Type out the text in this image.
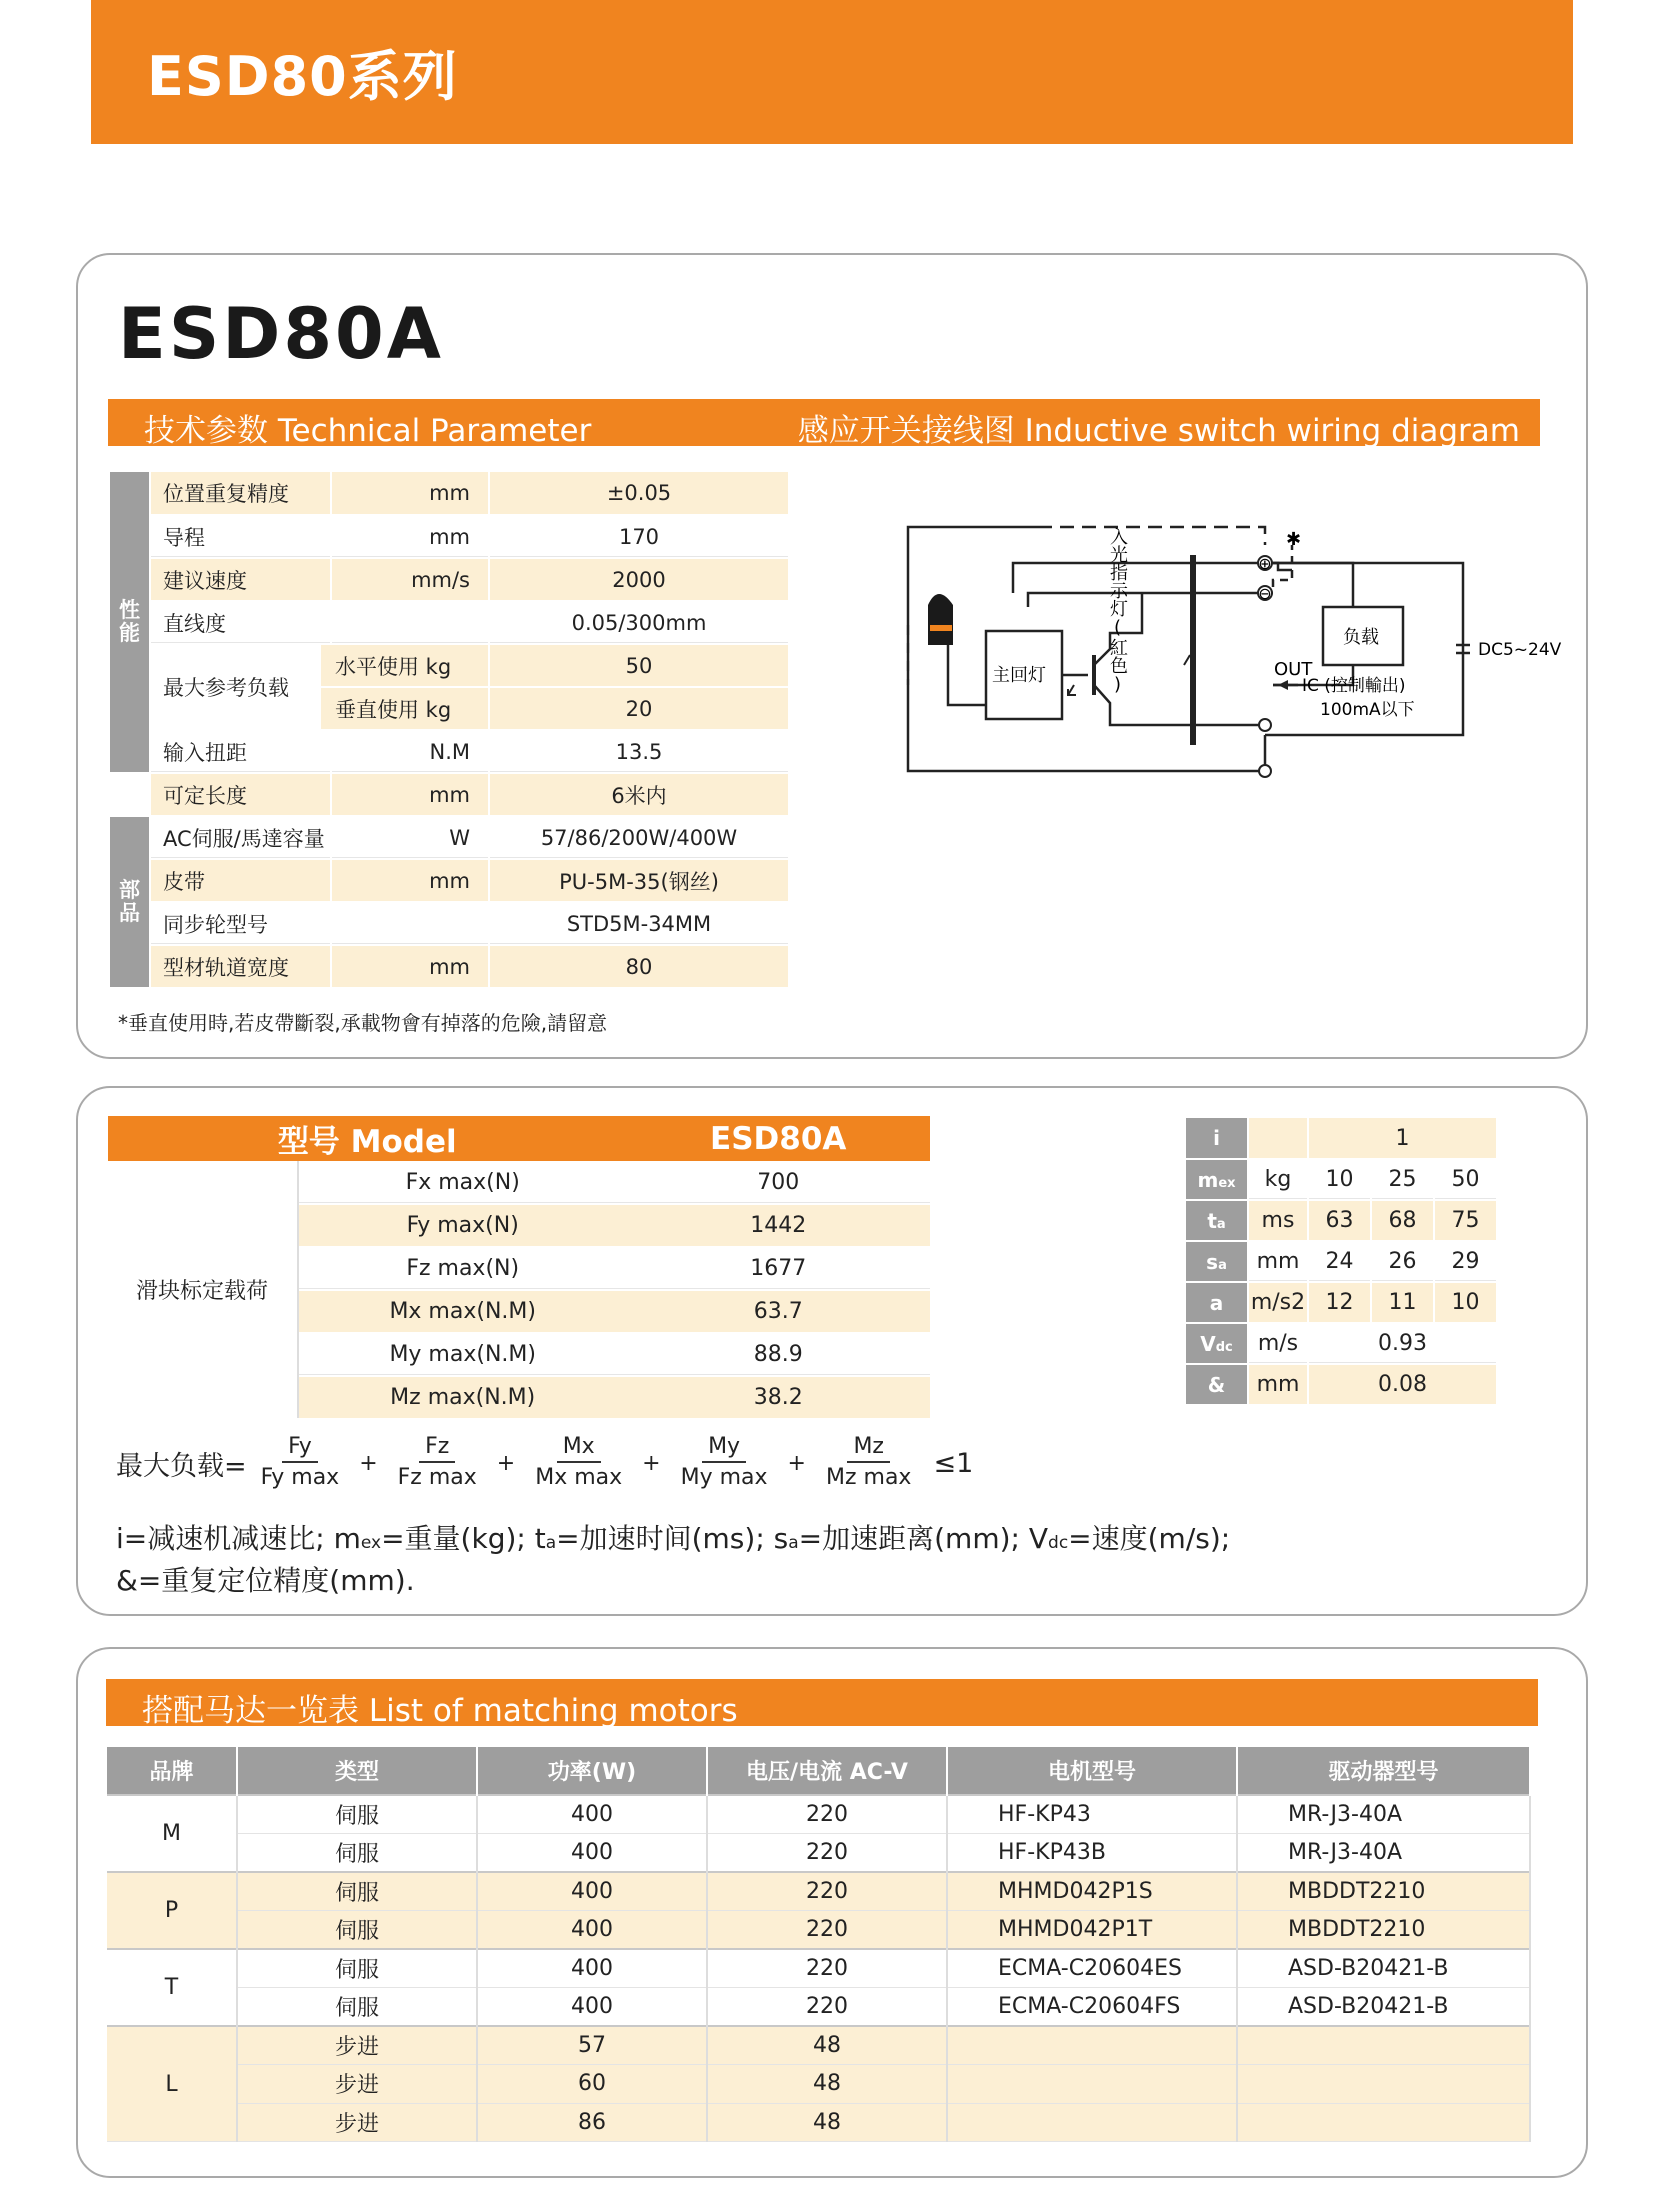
ESD80系列
ESD80A
技术参数 Technical Parameter	感应开关接线图 Inductive switch wiring diagram
性
能	位置重复精度		mm	±0.05
	导程		mm	170
	建议速度		mm/s	2000
	直线度			0.05/300mm
	最大参考负载	水平使用 kg		50
		垂直使用 kg		20
	输入扭距		N.M	13.5
	可定长度		mm	6米内
部
品	AC伺服/馬達容量		W	57/86/200W/400W
	皮带		mm	PU-5M-35(钢丝)
	同步轮型号			STD5M-34MM
	型材轨道宽度		mm	80
*垂直使用時,若皮帶斷裂,承載物會有掉落的危險,請留意
⊕
✱
⊖
入光指示灯(紅色)
主回灯
负载
OUT
IC (控制輸出)
100mA以下
DC5~24V
型号 Model		ESD80A
滑块标定载荷	Fx max(N)	700
	Fy max(N)	1442
	Fz max(N)	1677
	Mx max(N.M)	63.7
	My max(N.M)	88.9
	Mz max(N.M)	38.2
i		1		
mex	kg	10	25	50
ta	ms	63	68	75
sa	mm	24	26	29
a	m/s2	12	11	10
Vdc	m/s	0.93		
&	mm	0.08		
最大负载= $\frac{Fy}{\text{Fy max}} + \frac{Fz}{\text{Fz max}} + \frac{Mx}{\text{Mx max}} + \frac{My}{\text{My max}} + \frac{Mz}{\text{Mz max}} \le 1$
i=减速机减速比; mex=重量(kg); ta=加速时间(ms); sa=加速距离(mm); Vdc=速度(m/s);
&=重复定位精度(mm).
搭配马达一览表 List of matching motors
品牌	类型	功率(W)	电压/电流 AC-V	电机型号	驱动器型号
M	伺服	400	220	HF-KP43	MR-J3-40A
	伺服	400	220	HF-KP43B	MR-J3-40A
P	伺服	400	220	MHMD042P1S	MBDDT2210
	伺服	400	220	MHMD042P1T	MBDDT2210
T	伺服	400	220	ECMA-C20604ES	ASD-B20421-B
	伺服	400	220	ECMA-C20604FS	ASD-B20421-B
L	步进	57	48		
	步进	60	48		
	步进	86	48		
